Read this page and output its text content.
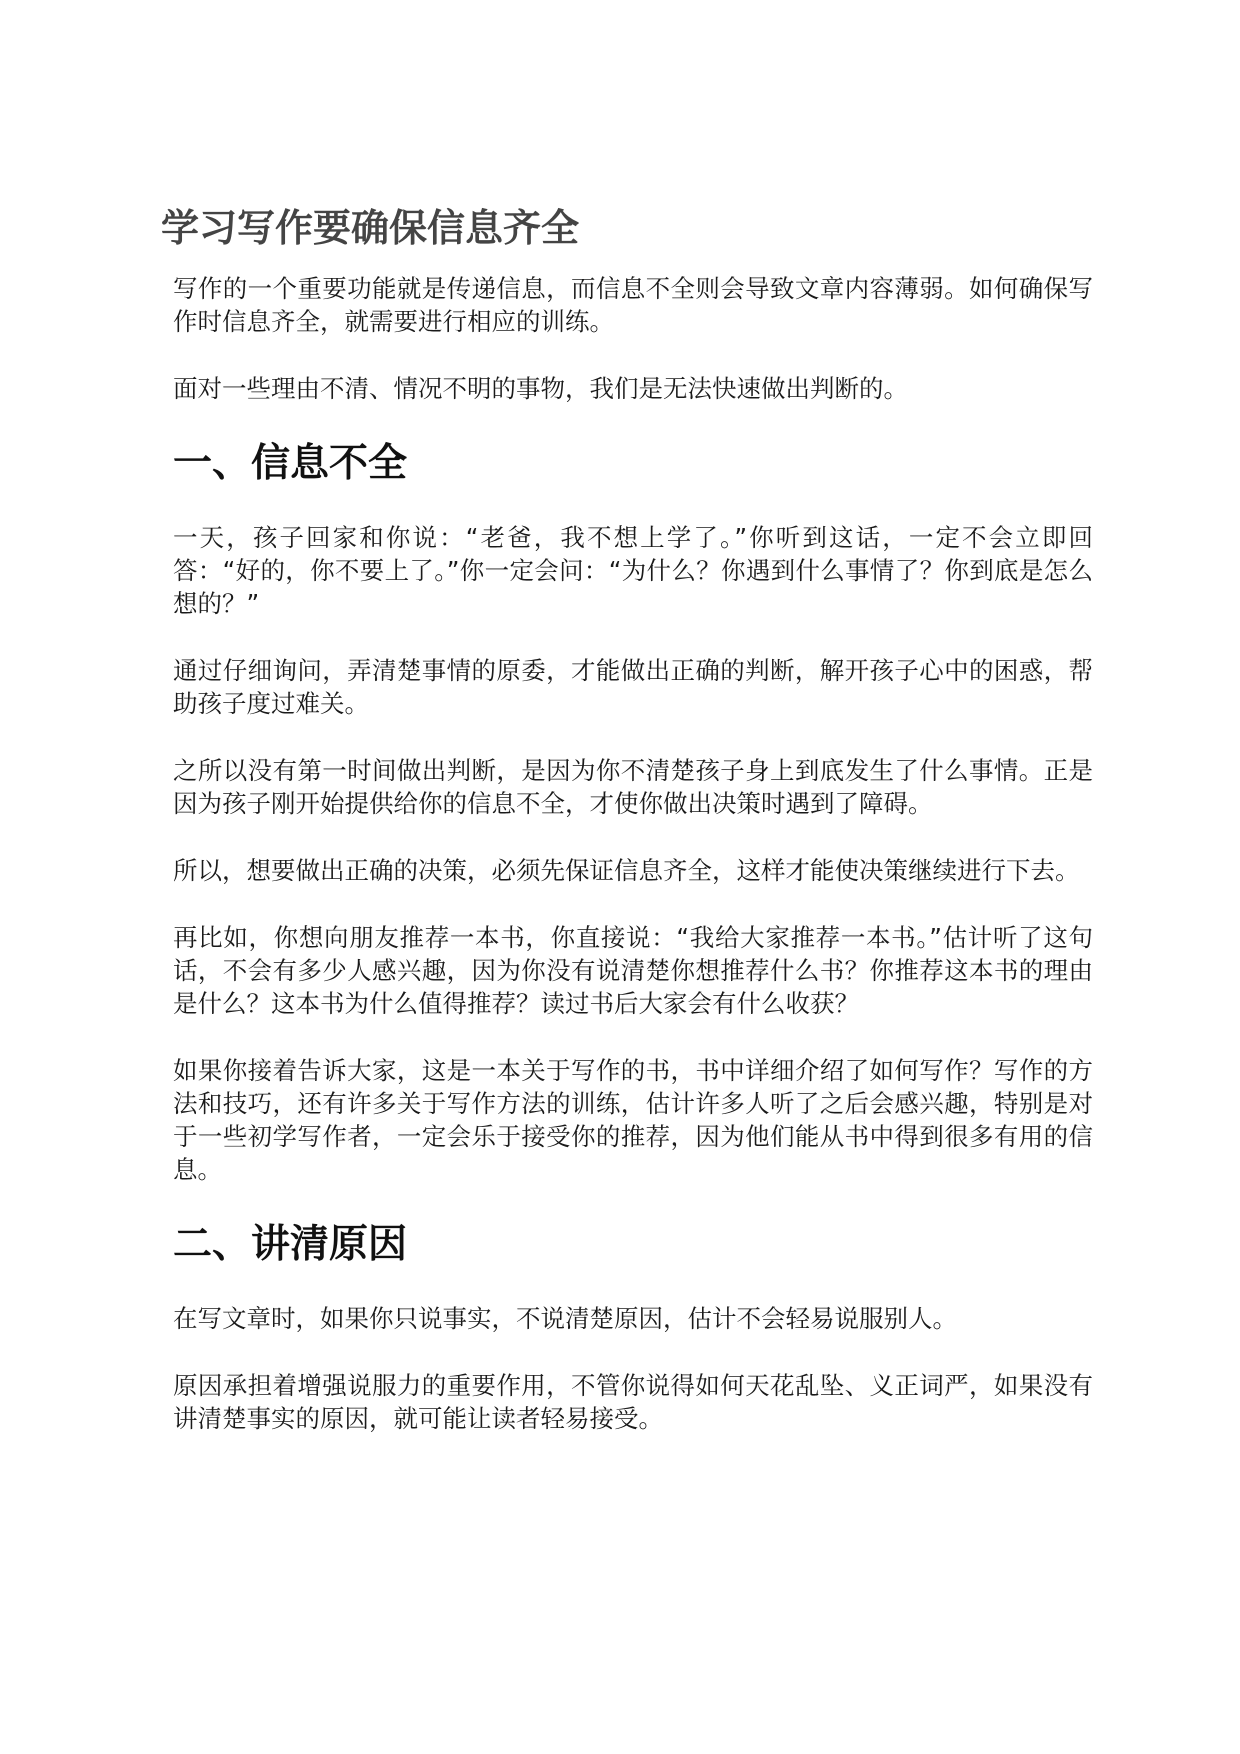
学习写作要确保信息齐全

写作的一个重要功能就是传递信息，而信息不全则会导致文章内容薄弱。如何确保写作时信息齐全，就需要进行相应的训练。

面对一些理由不清、情况不明的事物，我们是无法快速做出判断的。

一、信息不全

一天，孩子回家和你说：“老爸，我不想上学了。”你听到这话，一定不会立即回答：“好的，你不要上了。”你一定会问：“为什么？你遇到什么事情了？你到底是怎么想的？”

通过仔细询问，弄清楚事情的原委，才能做出正确的判断，解开孩子心中的困惑，帮助孩子度过难关。

之所以没有第一时间做出判断，是因为你不清楚孩子身上到底发生了什么事情。正是因为孩子刚开始提供给你的信息不全，才使你做出决策时遇到了障碍。

所以，想要做出正确的决策，必须先保证信息齐全，这样才能使决策继续进行下去。

再比如，你想向朋友推荐一本书，你直接说：“我给大家推荐一本书。”估计听了这句话，不会有多少人感兴趣，因为你没有说清楚你想推荐什么书？你推荐这本书的理由是什么？这本书为什么值得推荐？读过书后大家会有什么收获？

如果你接着告诉大家，这是一本关于写作的书，书中详细介绍了如何写作？写作的方法和技巧，还有许多关于写作方法的训练，估计许多人听了之后会感兴趣，特别是对于一些初学写作者，一定会乐于接受你的推荐，因为他们能从书中得到很多有用的信息。

二、讲清原因

在写文章时，如果你只说事实，不说清楚原因，估计不会轻易说服别人。

原因承担着增强说服力的重要作用，不管你说得如何天花乱坠、义正词严，如果没有讲清楚事实的原因，就可能让读者轻易接受。
